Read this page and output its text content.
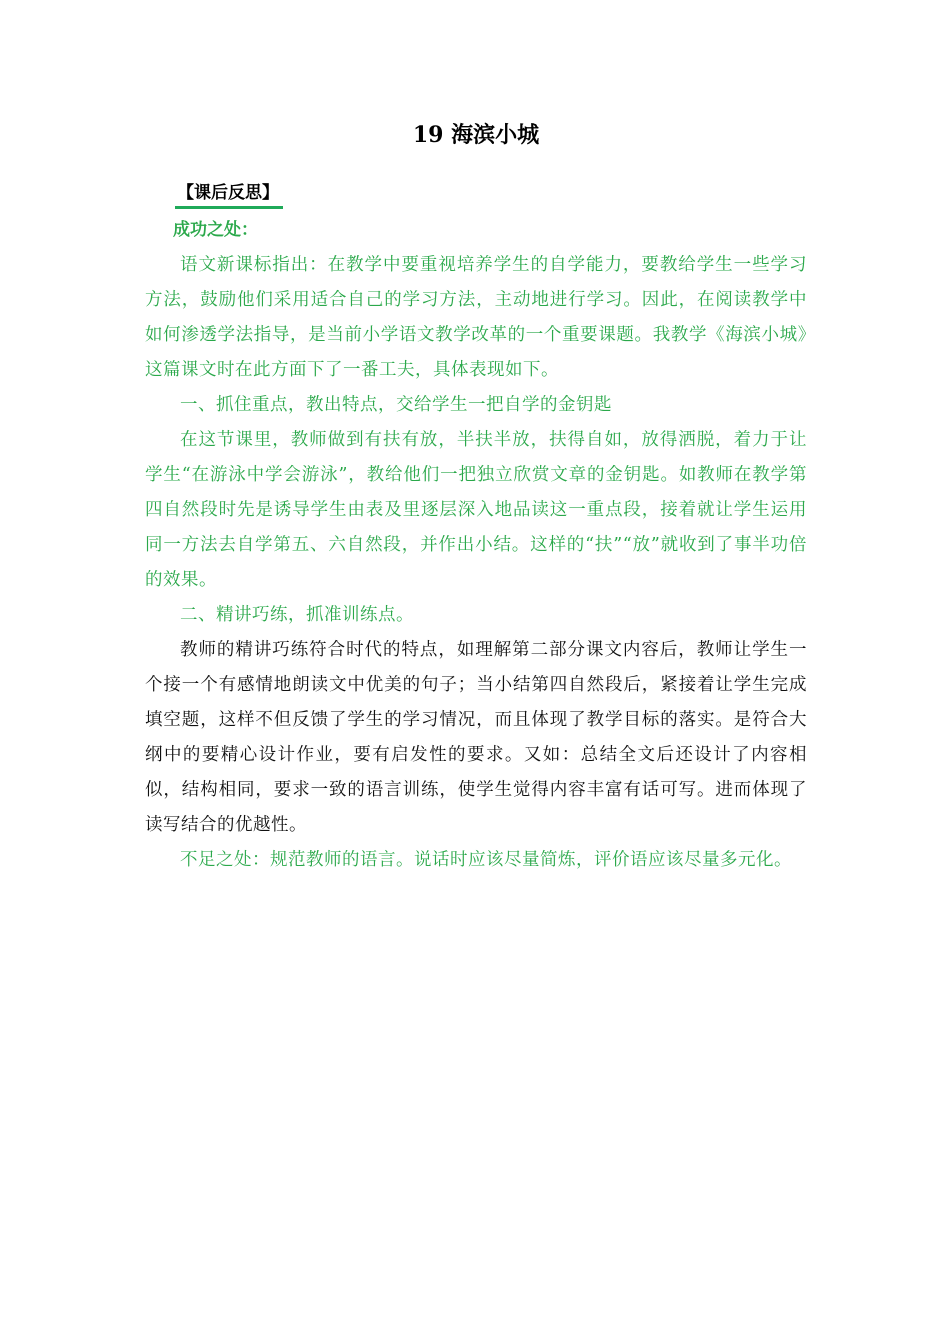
19 海滨小城
【课后反思】
成功之处：

语文新课标指出：在教学中要重视培养学生的自学能力，要教给学生一些学习方法，鼓励他们采用适合自己的学习方法，主动地进行学习。因此，在阅读教学中如何渗透学法指导，是当前小学语文教学改革的一个重要课题。我教学《海滨小城》这篇课文时在此方面下了一番工夫，具体表现如下。

一、抓住重点，教出特点，交给学生一把自学的金钥匙

在这节课里，教师做到有扶有放，半扶半放，扶得自如，放得洒脱，着力于让学生“在游泳中学会游泳”，教给他们一把独立欣赏文章的金钥匙。如教师在教学第四自然段时先是诱导学生由表及里逐层深入地品读这一重点段，接着就让学生运用同一方法去自学第五、六自然段，并作出小结。这样的“扶”“放”就收到了事半功倍的效果。

二、精讲巧练，抓准训练点。

教师的精讲巧练符合时代的特点，如理解第二部分课文内容后，教师让学生一个接一个有感情地朗读文中优美的句子；当小结第四自然段后，紧接着让学生完成填空题，这样不但反馈了学生的学习情况，而且体现了教学目标的落实。是符合大纲中的要精心设计作业，要有启发性的要求。又如：总结全文后还设计了内容相似，结构相同，要求一致的语言训练，使学生觉得内容丰富有话可写。进而体现了读写结合的优越性。

不足之处：规范教师的语言。说话时应该尽量简炼，评价语应该尽量多元化。
